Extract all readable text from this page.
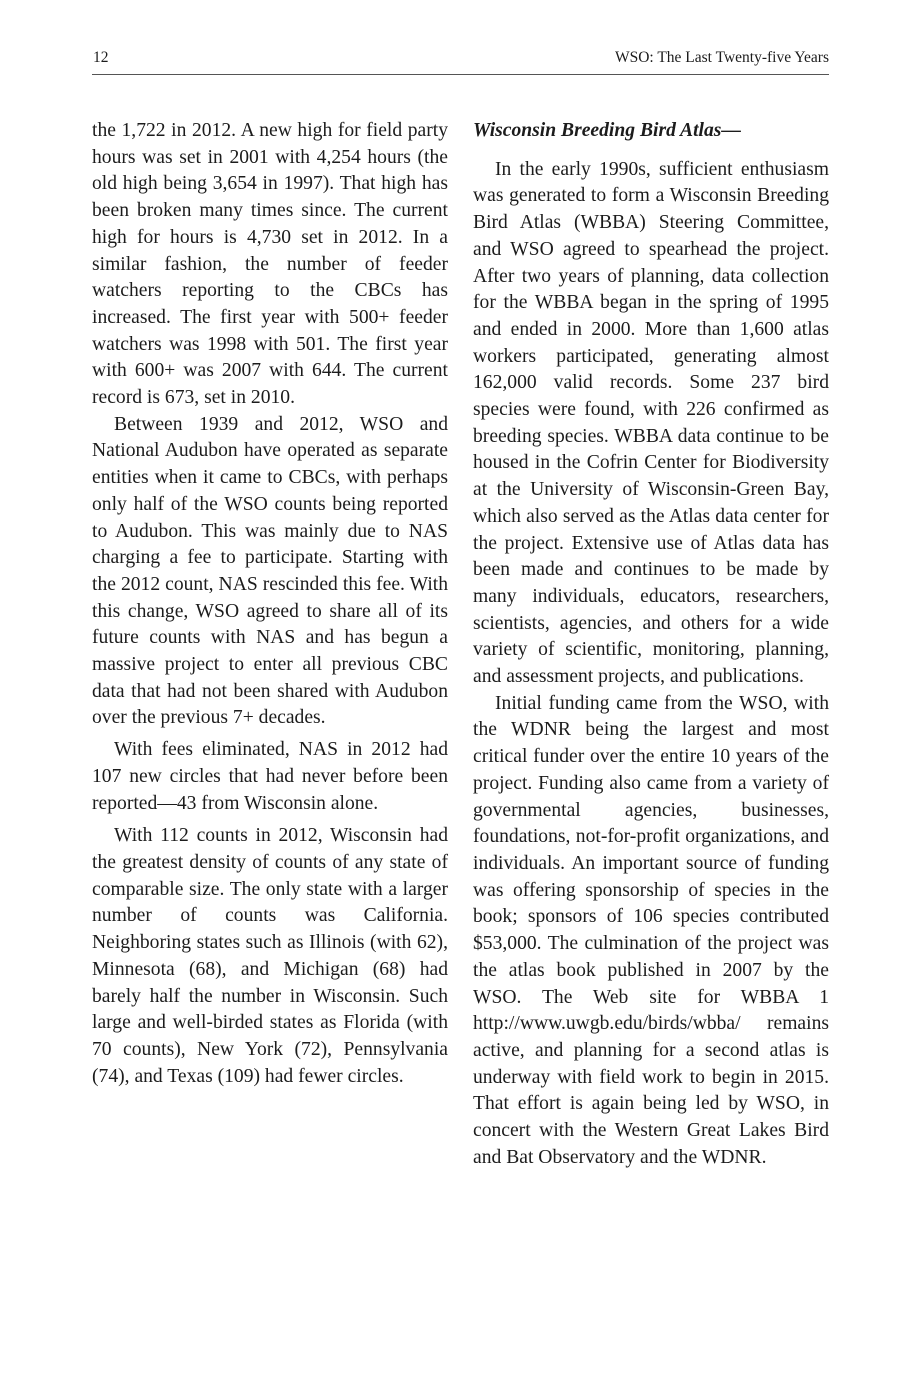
12	WSO: The Last Twenty-five Years

the 1,722 in 2012. A new high for field party hours was set in 2001 with 4,254 hours (the old high being 3,654 in 1997). That high has been broken many times since. The current high for hours is 4,730 set in 2012. In a similar fashion, the number of feeder watchers reporting to the CBCs has increased. The first year with 500+ feeder watchers was 1998 with 501. The first year with 600+ was 2007 with 644. The current record is 673, set in 2010.

Between 1939 and 2012, WSO and National Audubon have operated as separate entities when it came to CBCs, with perhaps only half of the WSO counts being reported to Audubon. This was mainly due to NAS charging a fee to participate. Starting with the 2012 count, NAS rescinded this fee. With this change, WSO agreed to share all of its future counts with NAS and has begun a massive project to enter all previous CBC data that had not been shared with Audubon over the previous 7+ decades.

With fees eliminated, NAS in 2012 had 107 new circles that had never before been reported—43 from Wisconsin alone.

With 112 counts in 2012, Wisconsin had the greatest density of counts of any state of comparable size. The only state with a larger number of counts was California. Neighboring states such as Illinois (with 62), Minnesota (68), and Michigan (68) had barely half the number in Wisconsin. Such large and well-birded states as Florida (with 70 counts), New York (72), Pennsylvania (74), and Texas (109) had fewer circles.

Wisconsin Breeding Bird Atlas—

In the early 1990s, sufficient enthusiasm was generated to form a Wisconsin Breeding Bird Atlas (WBBA) Steering Committee, and WSO agreed to spearhead the project. After two years of planning, data collection for the WBBA began in the spring of 1995 and ended in 2000. More than 1,600 atlas workers participated, generating almost 162,000 valid records. Some 237 bird species were found, with 226 confirmed as breeding species. WBBA data continue to be housed in the Cofrin Center for Biodiversity at the University of Wisconsin-Green Bay, which also served as the Atlas data center for the project. Extensive use of Atlas data has been made and continues to be made by many individuals, educators, researchers, scientists, agencies, and others for a wide variety of scientific, monitoring, planning, and assessment projects, and publications.

Initial funding came from the WSO, with the WDNR being the largest and most critical funder over the entire 10 years of the project. Funding also came from a variety of governmental agencies, businesses, foundations, not-for-profit organizations, and individuals. An important source of funding was offering sponsorship of species in the book; sponsors of 106 species contributed $53,000. The culmination of the project was the atlas book published in 2007 by the WSO. The Web site for WBBA 1 http://www.uwgb.edu/birds/wbba/ remains active, and planning for a second atlas is underway with field work to begin in 2015. That effort is again being led by WSO, in concert with the Western Great Lakes Bird and Bat Observatory and the WDNR.
